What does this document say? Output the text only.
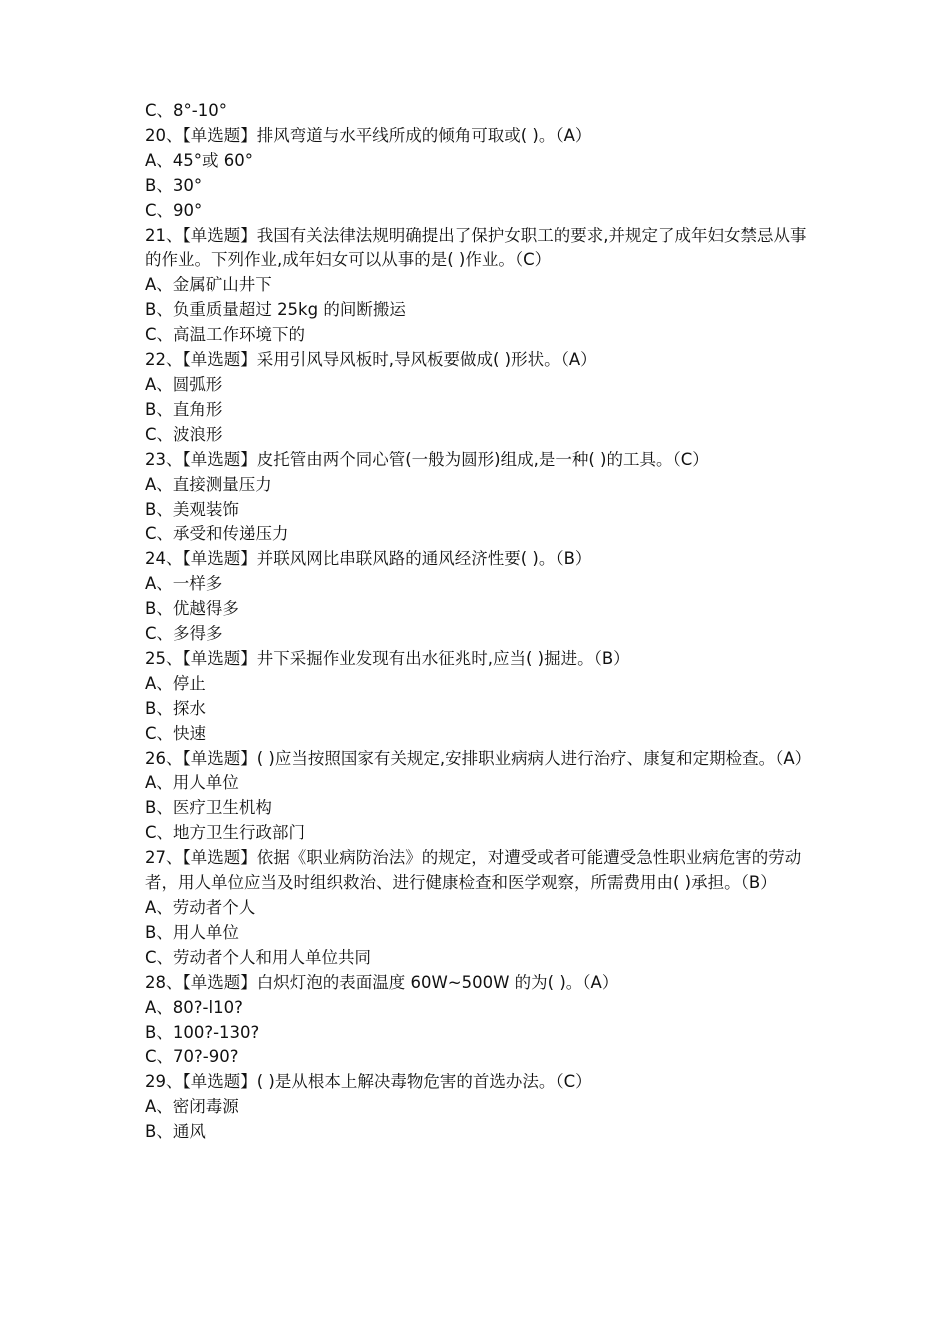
C、8°-10°

20、【单选题】排风弯道与水平线所成的倾角可取或( )。（A）

A、45°或 60°

B、30°

C、90°

21、【单选题】我国有关法律法规明确提出了保护女职工的要求,并规定了成年妇女禁忌从事的作业。下列作业,成年妇女可以从事的是( )作业。（C）

A、金属矿山井下

B、负重质量超过 25kg 的间断搬运

C、高温工作环境下的

22、【单选题】采用引风导风板时,导风板要做成( )形状。（A）

A、圆弧形

B、直角形

C、波浪形

23、【单选题】皮托管由两个同心管(一般为圆形)组成,是一种( )的工具。（C）

A、直接测量压力

B、美观装饰

C、承受和传递压力

24、【单选题】并联风网比串联风路的通风经济性要( )。（B）

A、一样多

B、优越得多

C、多得多

25、【单选题】井下采掘作业发现有出水征兆时,应当( )掘进。（B）

A、停止

B、探水

C、快速

26、【单选题】( )应当按照国家有关规定,安排职业病病人进行治疗、康复和定期检查。（A）

A、用人单位

B、医疗卫生机构

C、地方卫生行政部门

27、【单选题】依据《职业病防治法》的规定，对遭受或者可能遭受急性职业病危害的劳动者，用人单位应当及时组织救治、进行健康检查和医学观察，所需费用由( )承担。（B）

A、劳动者个人

B、用人单位

C、劳动者个人和用人单位共同

28、【单选题】白炽灯泡的表面温度 60W~500W 的为( )。（A）

A、80?-l10?

B、100?-130?

C、70?-90?

29、【单选题】( )是从根本上解决毒物危害的首选办法。（C）

A、密闭毒源

B、通风
